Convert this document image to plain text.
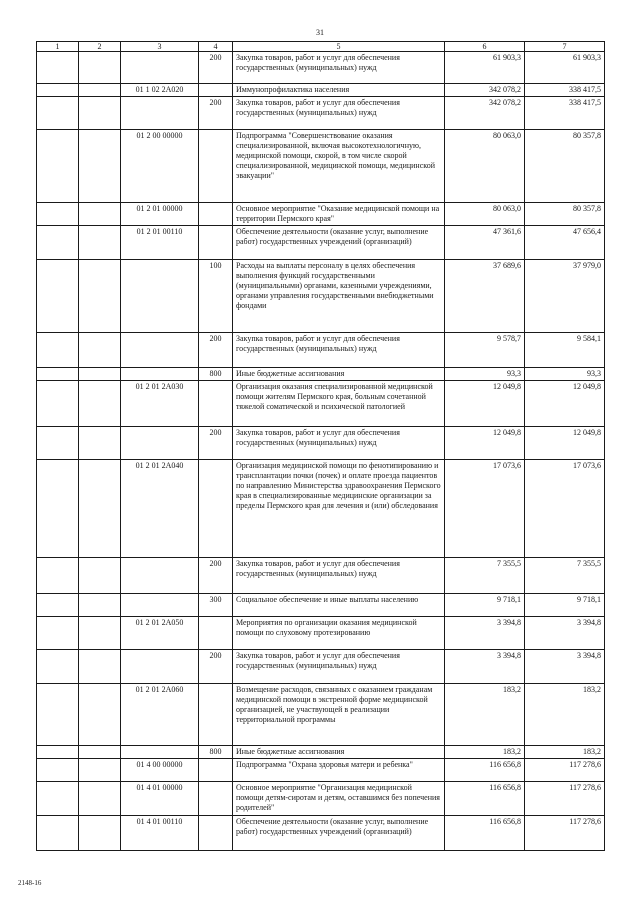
31
1	2	3	4	5	6	7
			200	Закупка товаров, работ и услуг для обеспечения государственных (муниципальных) нужд	61 903,3	61 903,3
		01 1 02 2А020		Иммунопрофилактика населения	342 078,2	338 417,5
			200	Закупка товаров, работ и услуг для обеспечения государственных (муниципальных) нужд	342 078,2	338 417,5
		01 2 00 00000		Подпрограмма "Совершенствование оказания специализированной, включая высокотехнологичную, медицинской помощи, скорой, в том числе скорой специализированной, медицинской помощи, медицинской эвакуации"	80 063,0	80 357,8
		01 2 01 00000		Основное мероприятие "Оказание медицинской помощи на территории Пермского края"	80 063,0	80 357,8
		01 2 01 00110		Обеспечение деятельности (оказание услуг, выполнение работ) государственных учреждений (организаций)	47 361,6	47 656,4
			100	Расходы на выплаты персоналу в целях обеспечения выполнения функций государственными (муниципальными) органами, казенными учреждениями, органами управления государственными внебюджетными фондами	37 689,6	37 979,0
			200	Закупка товаров, работ и услуг для обеспечения государственных (муниципальных) нужд	9 578,7	9 584,1
			800	Иные бюджетные ассигнования	93,3	93,3
		01 2 01 2А030		Организация оказания специализированной медицинской помощи жителям Пермского края, больным сочетанной тяжелой соматической и психической патологией	12 049,8	12 049,8
			200	Закупка товаров, работ и услуг для обеспечения государственных (муниципальных) нужд	12 049,8	12 049,8
		01 2 01 2А040		Организация медицинской помощи по фенотипированию и трансплантации почки (почек) и оплате проезда пациентов по направлению Министерства здравоохранения Пермского края в специализированные медицинские организации за пределы Пермского края для лечения и (или) обследования	17 073,6	17 073,6
			200	Закупка товаров, работ и услуг для обеспечения государственных (муниципальных) нужд	7 355,5	7 355,5
			300	Социальное обеспечение и иные выплаты населению	9 718,1	9 718,1
		01 2 01 2А050		Мероприятия по организации оказания медицинской помощи по слуховому протезированию	3 394,8	3 394,8
			200	Закупка товаров, работ и услуг для обеспечения государственных (муниципальных) нужд	3 394,8	3 394,8
		01 2 01 2А060		Возмещение расходов, связанных с оказанием гражданам медицинской помощи в экстренной форме медицинской организацией, не участвующей в реализации территориальной программы	183,2	183,2
			800	Иные бюджетные ассигнования	183,2	183,2
		01 4 00 00000		Подпрограмма "Охрана здоровья матери и ребенка"	116 656,8	117 278,6
		01 4 01 00000		Основное мероприятие "Организация медицинской помощи детям-сиротам и детям, оставшимся без попечения родителей"	116 656,8	117 278,6
		01 4 01 00110		Обеспечение деятельности (оказание услуг, выполнение работ) государственных учреждений (организаций)	116 656,8	117 278,6
2148-16
